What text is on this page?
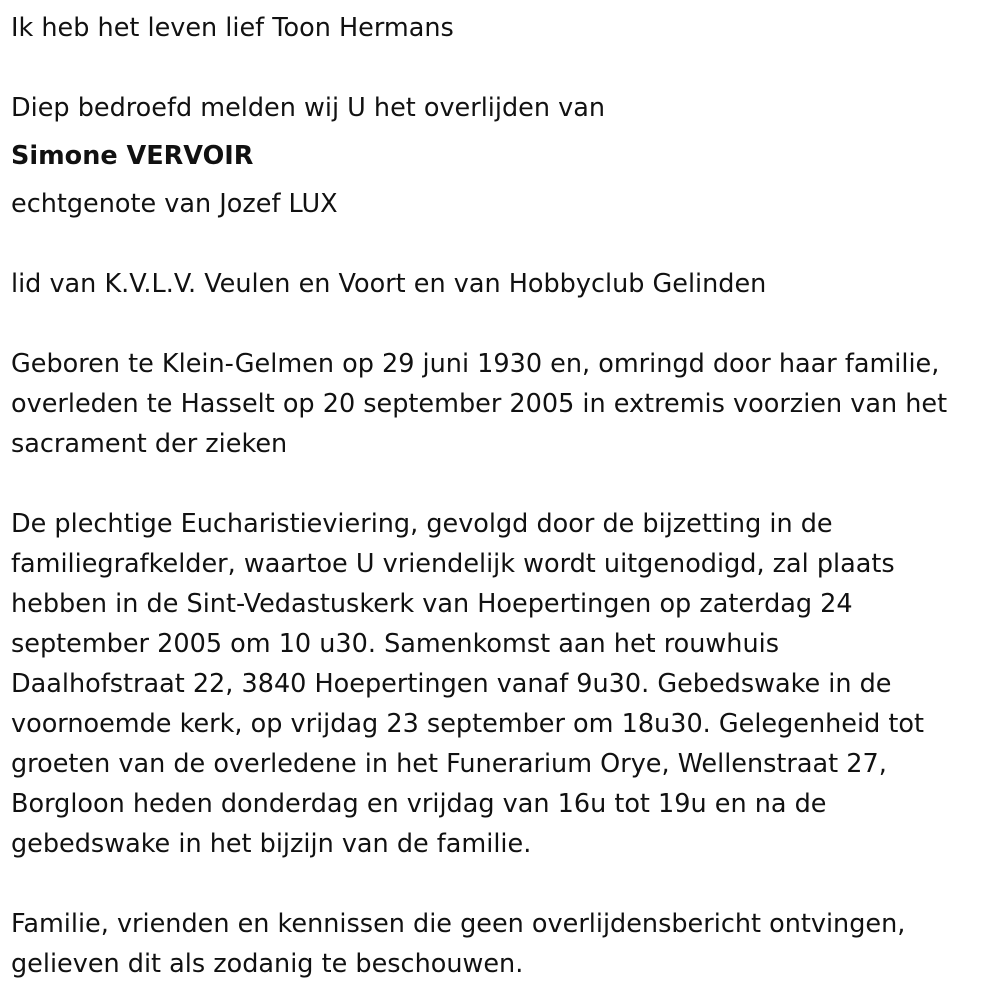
Ik heb het leven lief Toon Hermans
Diep bedroefd melden wij U het overlijden van
Simone VERVOIR
echtgenote van Jozef LUX
lid van K.V.L.V. Veulen en Voort en van Hobbyclub Gelinden
Geboren te Klein-Gelmen op 29 juni 1930 en, omringd door haar familie,
overleden te Hasselt op 20 september 2005 in extremis voorzien van het
sacrament der zieken
De plechtige Eucharistieviering, gevolgd door de bijzetting in de
familiegrafkelder, waartoe U vriendelijk wordt uitgenodigd, zal plaats
hebben in de Sint-Vedastuskerk van Hoepertingen op zaterdag 24
september 2005 om 10 u30. Samenkomst aan het rouwhuis
Daalhofstraat 22, 3840 Hoepertingen vanaf 9u30. Gebedswake in de
voornoemde kerk, op vrijdag 23 september om 18u30. Gelegenheid tot
groeten van de overledene in het Funerarium Orye, Wellenstraat 27,
Borgloon heden donderdag en vrijdag van 16u tot 19u en na de
gebedswake in het bijzijn van de familie.
Familie, vrienden en kennissen die geen overlijdensbericht ontvingen,
gelieven dit als zodanig te beschouwen.
